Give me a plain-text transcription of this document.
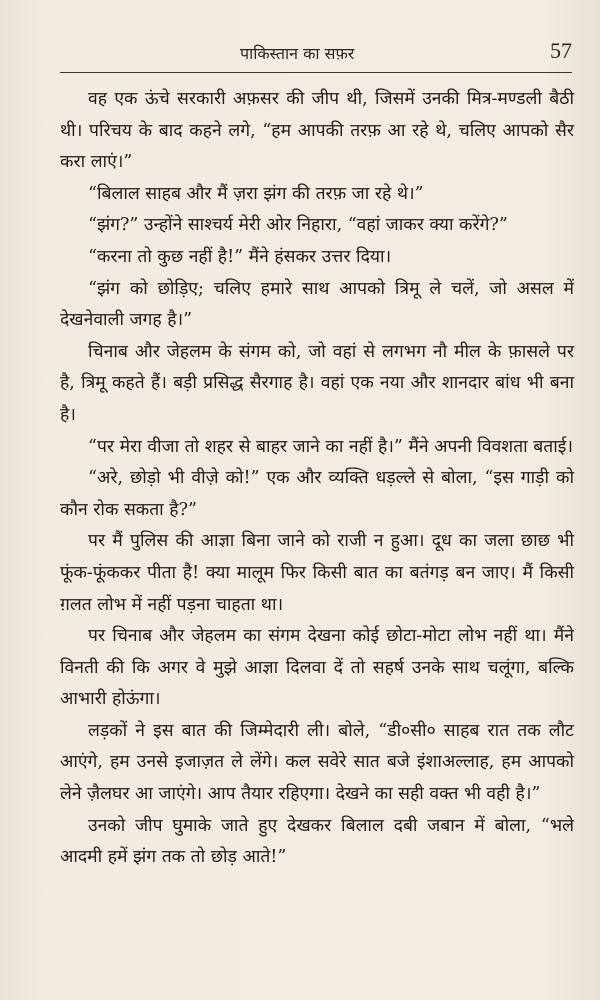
पाकिस्तान का सफ़र	57

वह एक ऊंचे सरकारी अफ़सर की जीप थी, जिसमें उनकी मित्र-मण्डली बैठी थी। परिचय के बाद कहने लगे, “हम आपकी तरफ़ आ रहे थे, चलिए आपको सैर करा लाएं।”

“बिलाल साहब और मैं ज़रा झंग की तरफ़ जा रहे थे।”

“झंग?” उन्होंने साश्चर्य मेरी ओर निहारा, “वहां जाकर क्या करेंगे?”

“करना तो कुछ नहीं है!” मैंने हंसकर उत्तर दिया।

“झंग को छोड़िए; चलिए हमारे साथ आपको त्रिमू ले चलें, जो असल में देखनेवाली जगह है।”

चिनाब और जेहलम के संगम को, जो वहां से लगभग नौ मील के फ़ासले पर है, त्रिमू कहते हैं। बड़ी प्रसिद्ध सैरगाह है। वहां एक नया और शानदार बांध भी बना है।

“पर मेरा वीजा तो शहर से बाहर जाने का नहीं है।” मैंने अपनी विवशता बताई।

“अरे, छोड़ो भी वीज़े को!” एक और व्यक्ति धड़ल्ले से बोला, “इस गाड़ी को कौन रोक सकता है?”

पर मैं पुलिस की आज्ञा बिना जाने को राजी न हुआ। दूध का जला छाछ भी फूंक-फूंककर पीता है! क्या मालूम फिर किसी बात का बतंगड़ बन जाए। मैं किसी ग़लत लोभ में नहीं पड़ना चाहता था।

पर चिनाब और जेहलम का संगम देखना कोई छोटा-मोटा लोभ नहीं था। मैंने विनती की कि अगर वे मुझे आज्ञा दिलवा दें तो सहर्ष उनके साथ चलूंगा, बल्कि आभारी होऊंगा।

लड़कों ने इस बात की जिम्मेदारी ली। बोले, “डी०सी० साहब रात तक लौट आएंगे, हम उनसे इजाज़त ले लेंगे। कल सवेरे सात बजे इंशाअल्लाह, हम आपको लेने ज़ैलघर आ जाएंगे। आप तैयार रहिएगा। देखने का सही वक्त भी वही है।”

उनको जीप घुमाके जाते हुए देखकर बिलाल दबी जबान में बोला, “भले आदमी हमें झंग तक तो छोड़ आते!”
